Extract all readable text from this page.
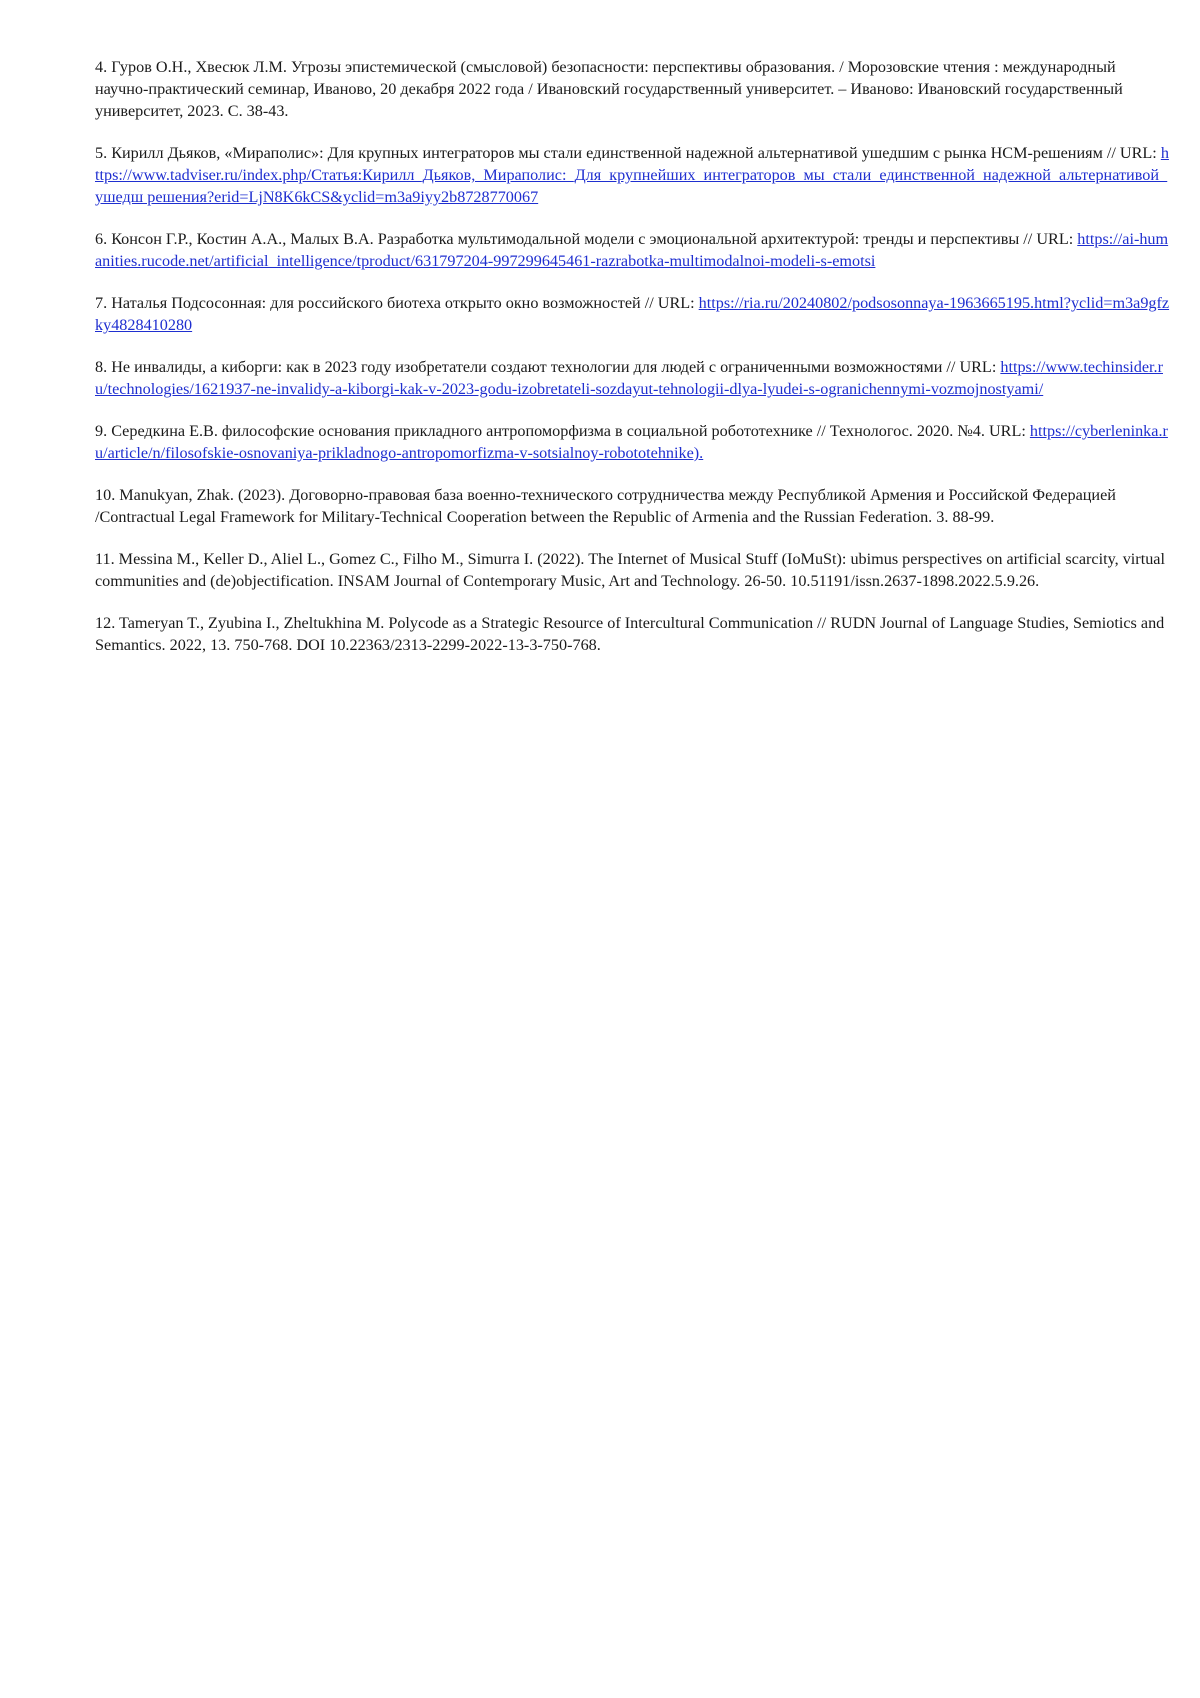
4. Гуров О.Н., Хвесюк Л.М. Угрозы эпистемической (смысловой) безопасности: перспективы образования. / Морозовские чтения : международный научно-практический семинар, Иваново, 20 декабря 2022 года / Ивановский государственный университет. – Иваново: Ивановский государственный университет, 2023. С. 38-43.

5. Кирилл Дьяков, «Мираполис»: Для крупных интеграторов мы стали единственной надежной альтернативой ушедшим с рынка HCM-решениям // URL: https://www.tadviser.ru/index.php/Статья:Кирилл_Дьяков,_Мираполис:_Для_крупнейших_интеграторов_мы_стали_единственной_надежной_альтернативой_ушедш решения?erid=LjN8K6kCS&yclid=m3a9iyy2b8728770067

6. Консон Г.Р., Костин А.А., Малых В.А. Разработка мультимодальной модели с эмоциональной архитектурой: тренды и перспективы // URL: https://ai-humanities.rucode.net/artificial_intelligence/tproduct/631797204-997299645461-razrabotka-multimodalnoi-modeli-s-emotsi

7. Наталья Подсосонная: для российского биотеха открыто окно возможностей // URL: https://ria.ru/20240802/podsosonnaya-1963665195.html?yclid=m3a9gfzky4828410280

8. Не инвалиды, а киборги: как в 2023 году изобретатели создают технологии для людей с ограниченными возможностями // URL: https://www.techinsider.ru/technologies/1621937-ne-invalidy-a-kiborgi-kak-v-2023-godu-izobretateli-sozdayut-tehnologii-dlya-lyudei-s-ogranichennymi-vozmojnostyami/

9. Середкина Е.В. философские основания прикладного антропоморфизма в социальной робототехнике // Технологос. 2020. №4. URL: https://cyberleninka.ru/article/n/filosofskie-osnovaniya-prikladnogo-antropomorfizma-v-sotsialnoy-robototehnike).

10. Manukyan, Zhak. (2023). Договорно-правовая база военно-технического сотрудничества между Республикой Армения и Российской Федерацией /Contractual Legal Framework for Military-Technical Cooperation between the Republic of Armenia and the Russian Federation. 3. 88-99.

11. Messina M., Keller D., Aliel L., Gomez C., Filho M., Simurra I. (2022). The Internet of Musical Stuff (IoMuSt): ubimus perspectives on artificial scarcity, virtual communities and (de)objectification. INSAM Journal of Contemporary Music, Art and Technology. 26-50. 10.51191/issn.2637-1898.2022.5.9.26.

12. Tameryan T., Zyubina I., Zheltukhina M. Polycode as a Strategic Resource of Intercultural Communication // RUDN Journal of Language Studies, Semiotics and Semantics. 2022, 13. 750-768. DOI 10.22363/2313-2299-2022-13-3-750-768.
